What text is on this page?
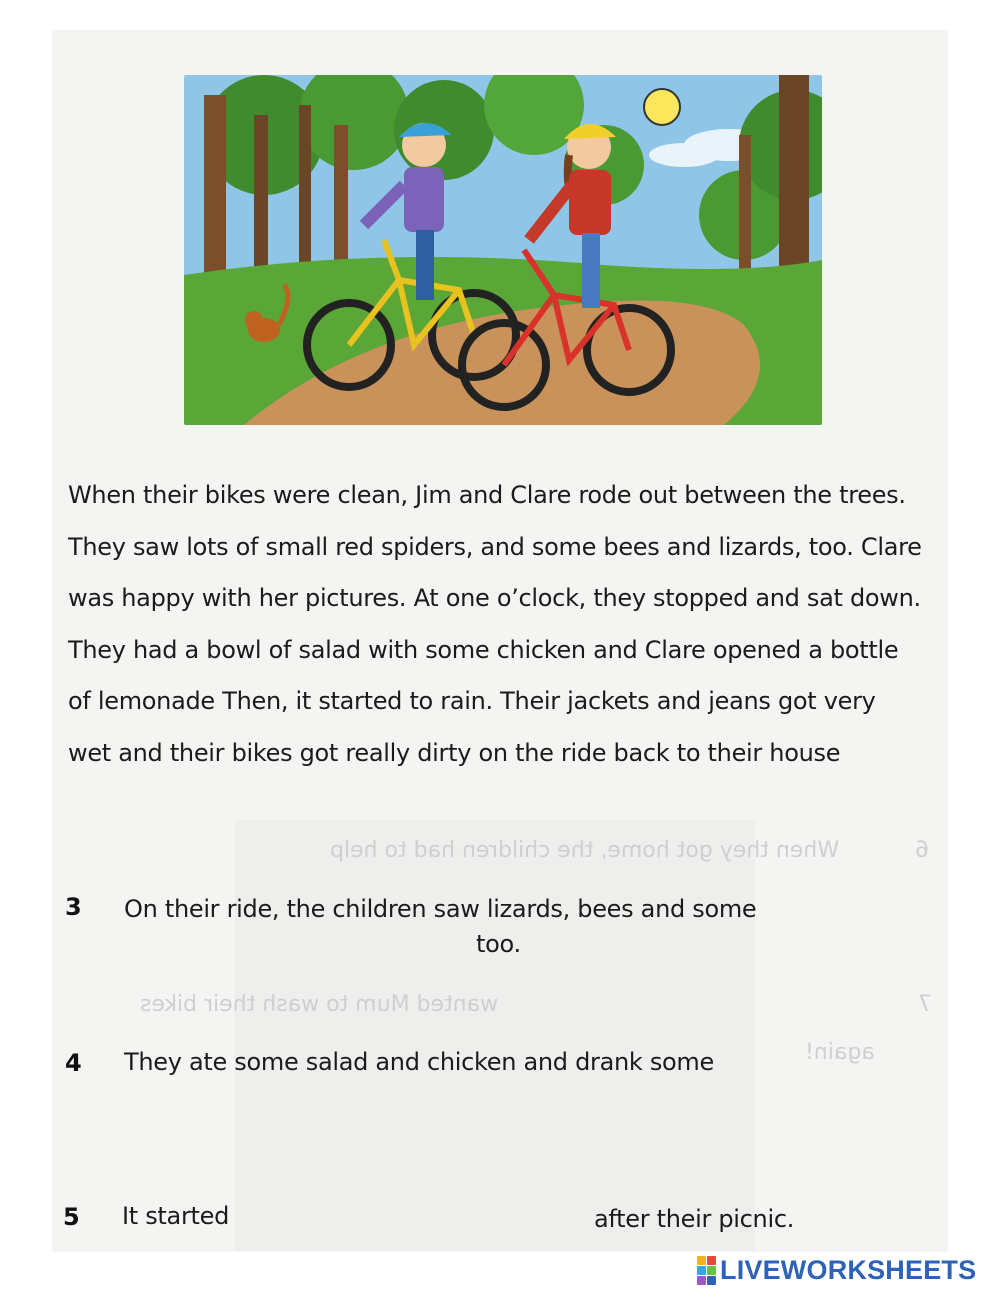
When they got home, the children had to help	6
wanted Mum to wash their bikes	7
again!
When their bikes were clean, Jim and Clare rode out between the trees.
They saw lots of small red spiders, and some bees and lizards, too. Clare
was happy with her pictures. At one o’clock, they stopped and sat down.
They had a bowl of salad with some chicken and Clare opened a bottle
of lemonade Then, it started to rain. Their jackets and jeans got very
wet and their bikes got really dirty on the ride back to their house
3 On their ride, the children saw lizards, bees and some
too.
4 They ate some salad and chicken and drank some
5 It started	after their picnic.
LIVEWORKSHEETS
